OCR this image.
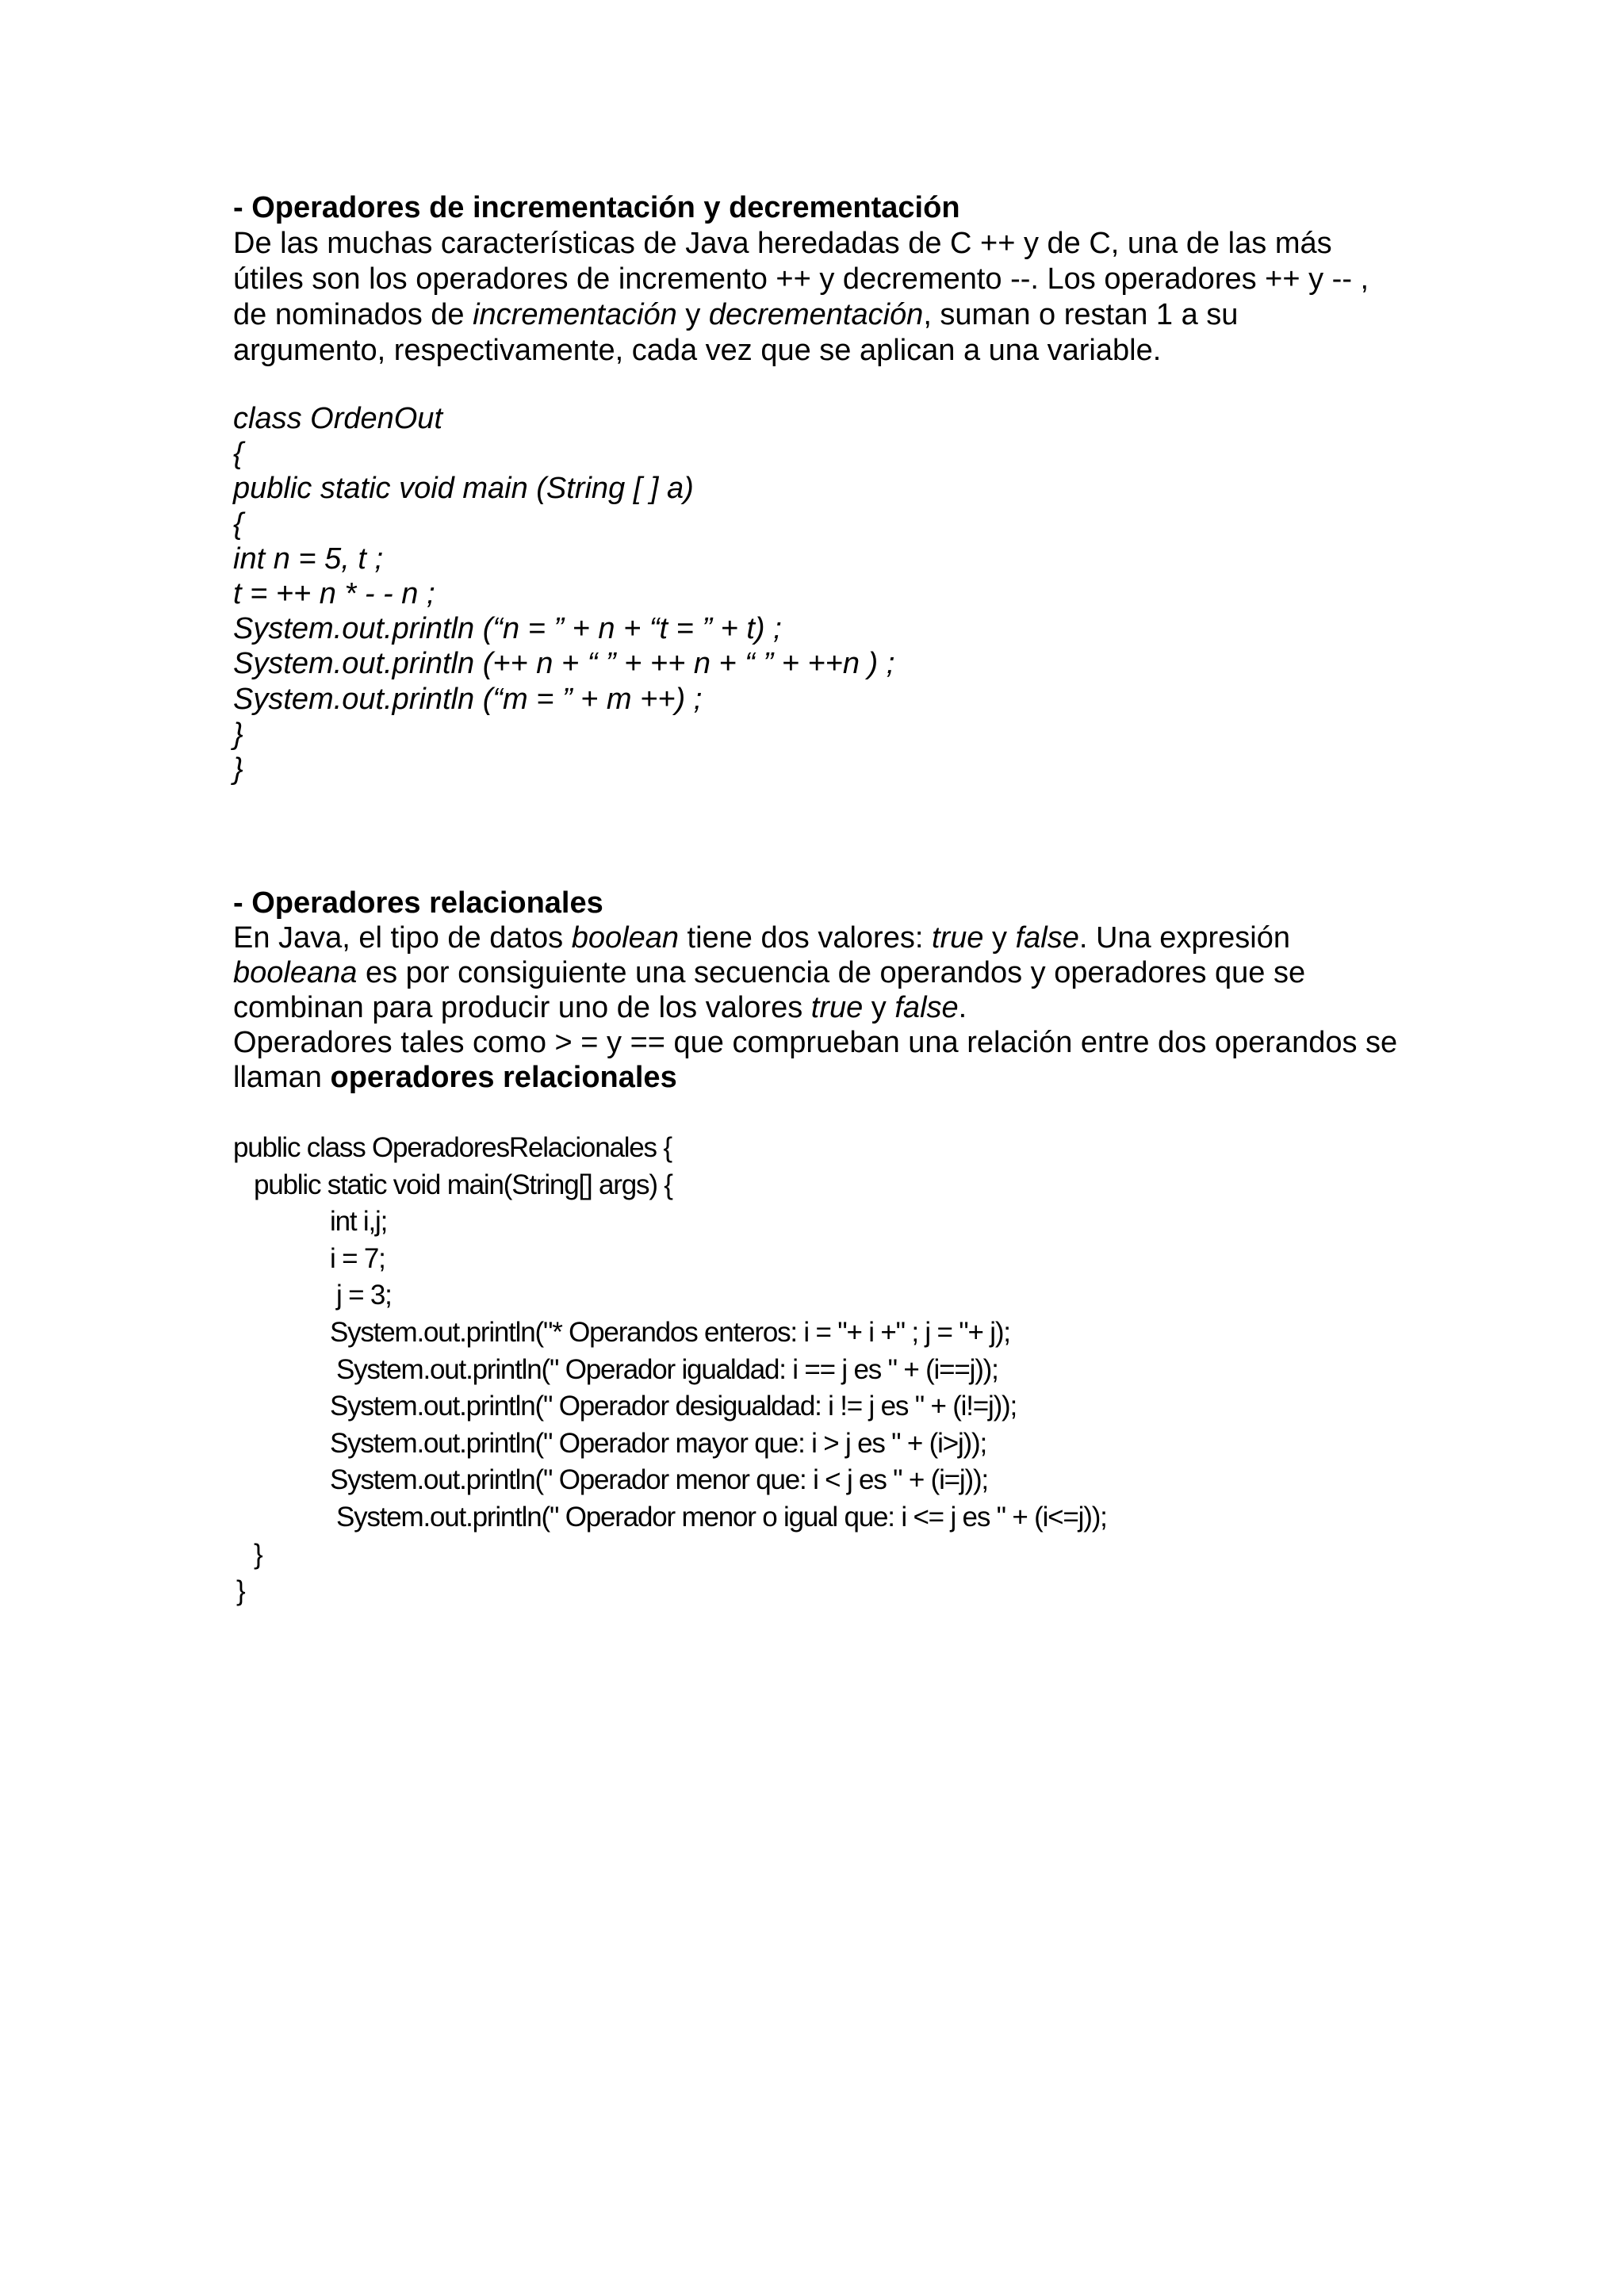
- Operadores de incrementación y decrementación

De las muchas características de Java heredadas de C ++ y de C, una de las más
útiles son los operadores de incremento ++ y decremento --. Los operadores ++ y -- ,
de nominados de incrementación y decrementación, suman o restan 1 a su
argumento, respectivamente, cada vez que se aplican a una variable.

class OrdenOut
{
public static void main (String [ ] a)
{
int n = 5, t ;
t = ++ n * - - n ;
System.out.println (“n = ” + n + “t = ” + t) ;
System.out.println (++ n + “ ” + ++ n + “ ” + ++n ) ;
System.out.println (“m = ” + m ++) ;
}
}

- Operadores relacionales

En Java, el tipo de datos boolean tiene dos valores: true y false. Una expresión
booleana es por consiguiente una secuencia de operandos y operadores que se
combinan para producir uno de los valores true y false.
Operadores tales como > = y == que comprueban una relación entre dos operandos se
llaman operadores relacionales

public class OperadoresRelacionales {
public static void main(String[] args) {
int i,j;
i = 7;
j = 3;
System.out.println("* Operandos enteros: i = "+ i +" ; j = "+ j);
System.out.println(" Operador igualdad: i == j es " + (i==j));
System.out.println(" Operador desigualdad: i != j es " + (i!=j));
System.out.println(" Operador mayor que: i > j es " + (i>j));
System.out.println(" Operador menor que: i < j es " + (i=j));
System.out.println(" Operador menor o igual que: i <= j es " + (i<=j));
}
}
